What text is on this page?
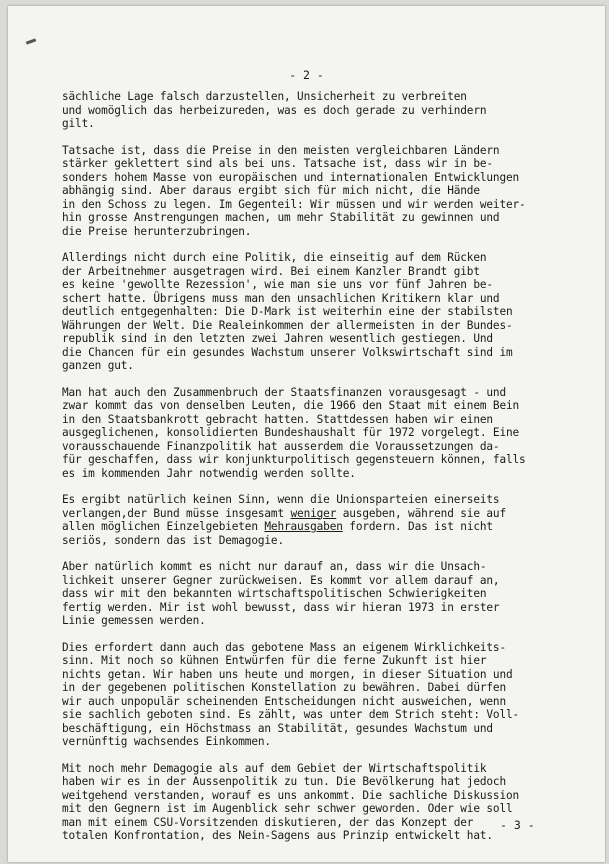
- 2 -
sächliche Lage falsch darzustellen, Unsicherheit zu verbreiten
und womöglich das herbeizureden, was es doch gerade zu verhindern
gilt.
Tatsache ist, dass die Preise in den meisten vergleichbaren Ländern
stärker geklettert sind als bei uns. Tatsache ist, dass wir in be-
sonders hohem Masse von europäischen und internationalen Entwicklungen
abhängig sind. Aber daraus ergibt sich für mich nicht, die Hände
in den Schoss zu legen. Im Gegenteil: Wir müssen und wir werden weiter-
hin grosse Anstrengungen machen, um mehr Stabilität zu gewinnen und
die Preise herunterzubringen.
Allerdings nicht durch eine Politik, die einseitig auf dem Rücken
der Arbeitnehmer ausgetragen wird. Bei einem Kanzler Brandt gibt
es keine 'gewollte Rezession', wie man sie uns vor fünf Jahren be-
schert hatte. Übrigens muss man den unsachlichen Kritikern klar und
deutlich entgegenhalten: Die D-Mark ist weiterhin eine der stabilsten
Währungen der Welt. Die Realeinkommen der allermeisten in der Bundes-
republik sind in den letzten zwei Jahren wesentlich gestiegen. Und
die Chancen für ein gesundes Wachstum unserer Volkswirtschaft sind im
ganzen gut.
Man hat auch den Zusammenbruch der Staatsfinanzen vorausgesagt - und
zwar kommt das von denselben Leuten, die 1966 den Staat mit einem Bein
in den Staatsbankrott gebracht hatten. Stattdessen haben wir einen
ausgeglichenen, konsolidierten Bundeshaushalt für 1972 vorgelegt. Eine
vorausschauende Finanzpolitik hat ausserdem die Voraussetzungen da-
für geschaffen, dass wir konjunkturpolitisch gegensteuern können, falls
es im kommenden Jahr notwendig werden sollte.
Es ergibt natürlich keinen Sinn, wenn die Unionsparteien einerseits
verlangen,der Bund müsse insgesamt weniger ausgeben, während sie auf
allen möglichen Einzelgebieten Mehrausgaben fordern. Das ist nicht
seriös, sondern das ist Demagogie.
Aber natürlich kommt es nicht nur darauf an, dass wir die Unsach-
lichkeit unserer Gegner zurückweisen. Es kommt vor allem darauf an,
dass wir mit den bekannten wirtschaftspolitischen Schwierigkeiten
fertig werden. Mir ist wohl bewusst, dass wir hieran 1973 in erster
Linie gemessen werden.
Dies erfordert dann auch das gebotene Mass an eigenem Wirklichkeits-
sinn. Mit noch so kühnen Entwürfen für die ferne Zukunft ist hier
nichts getan. Wir haben uns heute und morgen, in dieser Situation und
in der gegebenen politischen Konstellation zu bewähren. Dabei dürfen
wir auch unpopulär scheinenden Entscheidungen nicht ausweichen, wenn
sie sachlich geboten sind. Es zählt, was unter dem Strich steht: Voll-
beschäftigung, ein Höchstmass an Stabilität, gesundes Wachstum und
vernünftig wachsendes Einkommen.
Mit noch mehr Demagogie als auf dem Gebiet der Wirtschaftspolitik
haben wir es in der Aussenpolitik zu tun. Die Bevölkerung hat jedoch
weitgehend verstanden, worauf es uns ankommt. Die sachliche Diskussion
mit den Gegnern ist im Augenblick sehr schwer geworden. Oder wie soll
man mit einem CSU-Vorsitzenden diskutieren, der das Konzept der
totalen Konfrontation, des Nein-Sagens aus Prinzip entwickelt hat.
- 3 -
